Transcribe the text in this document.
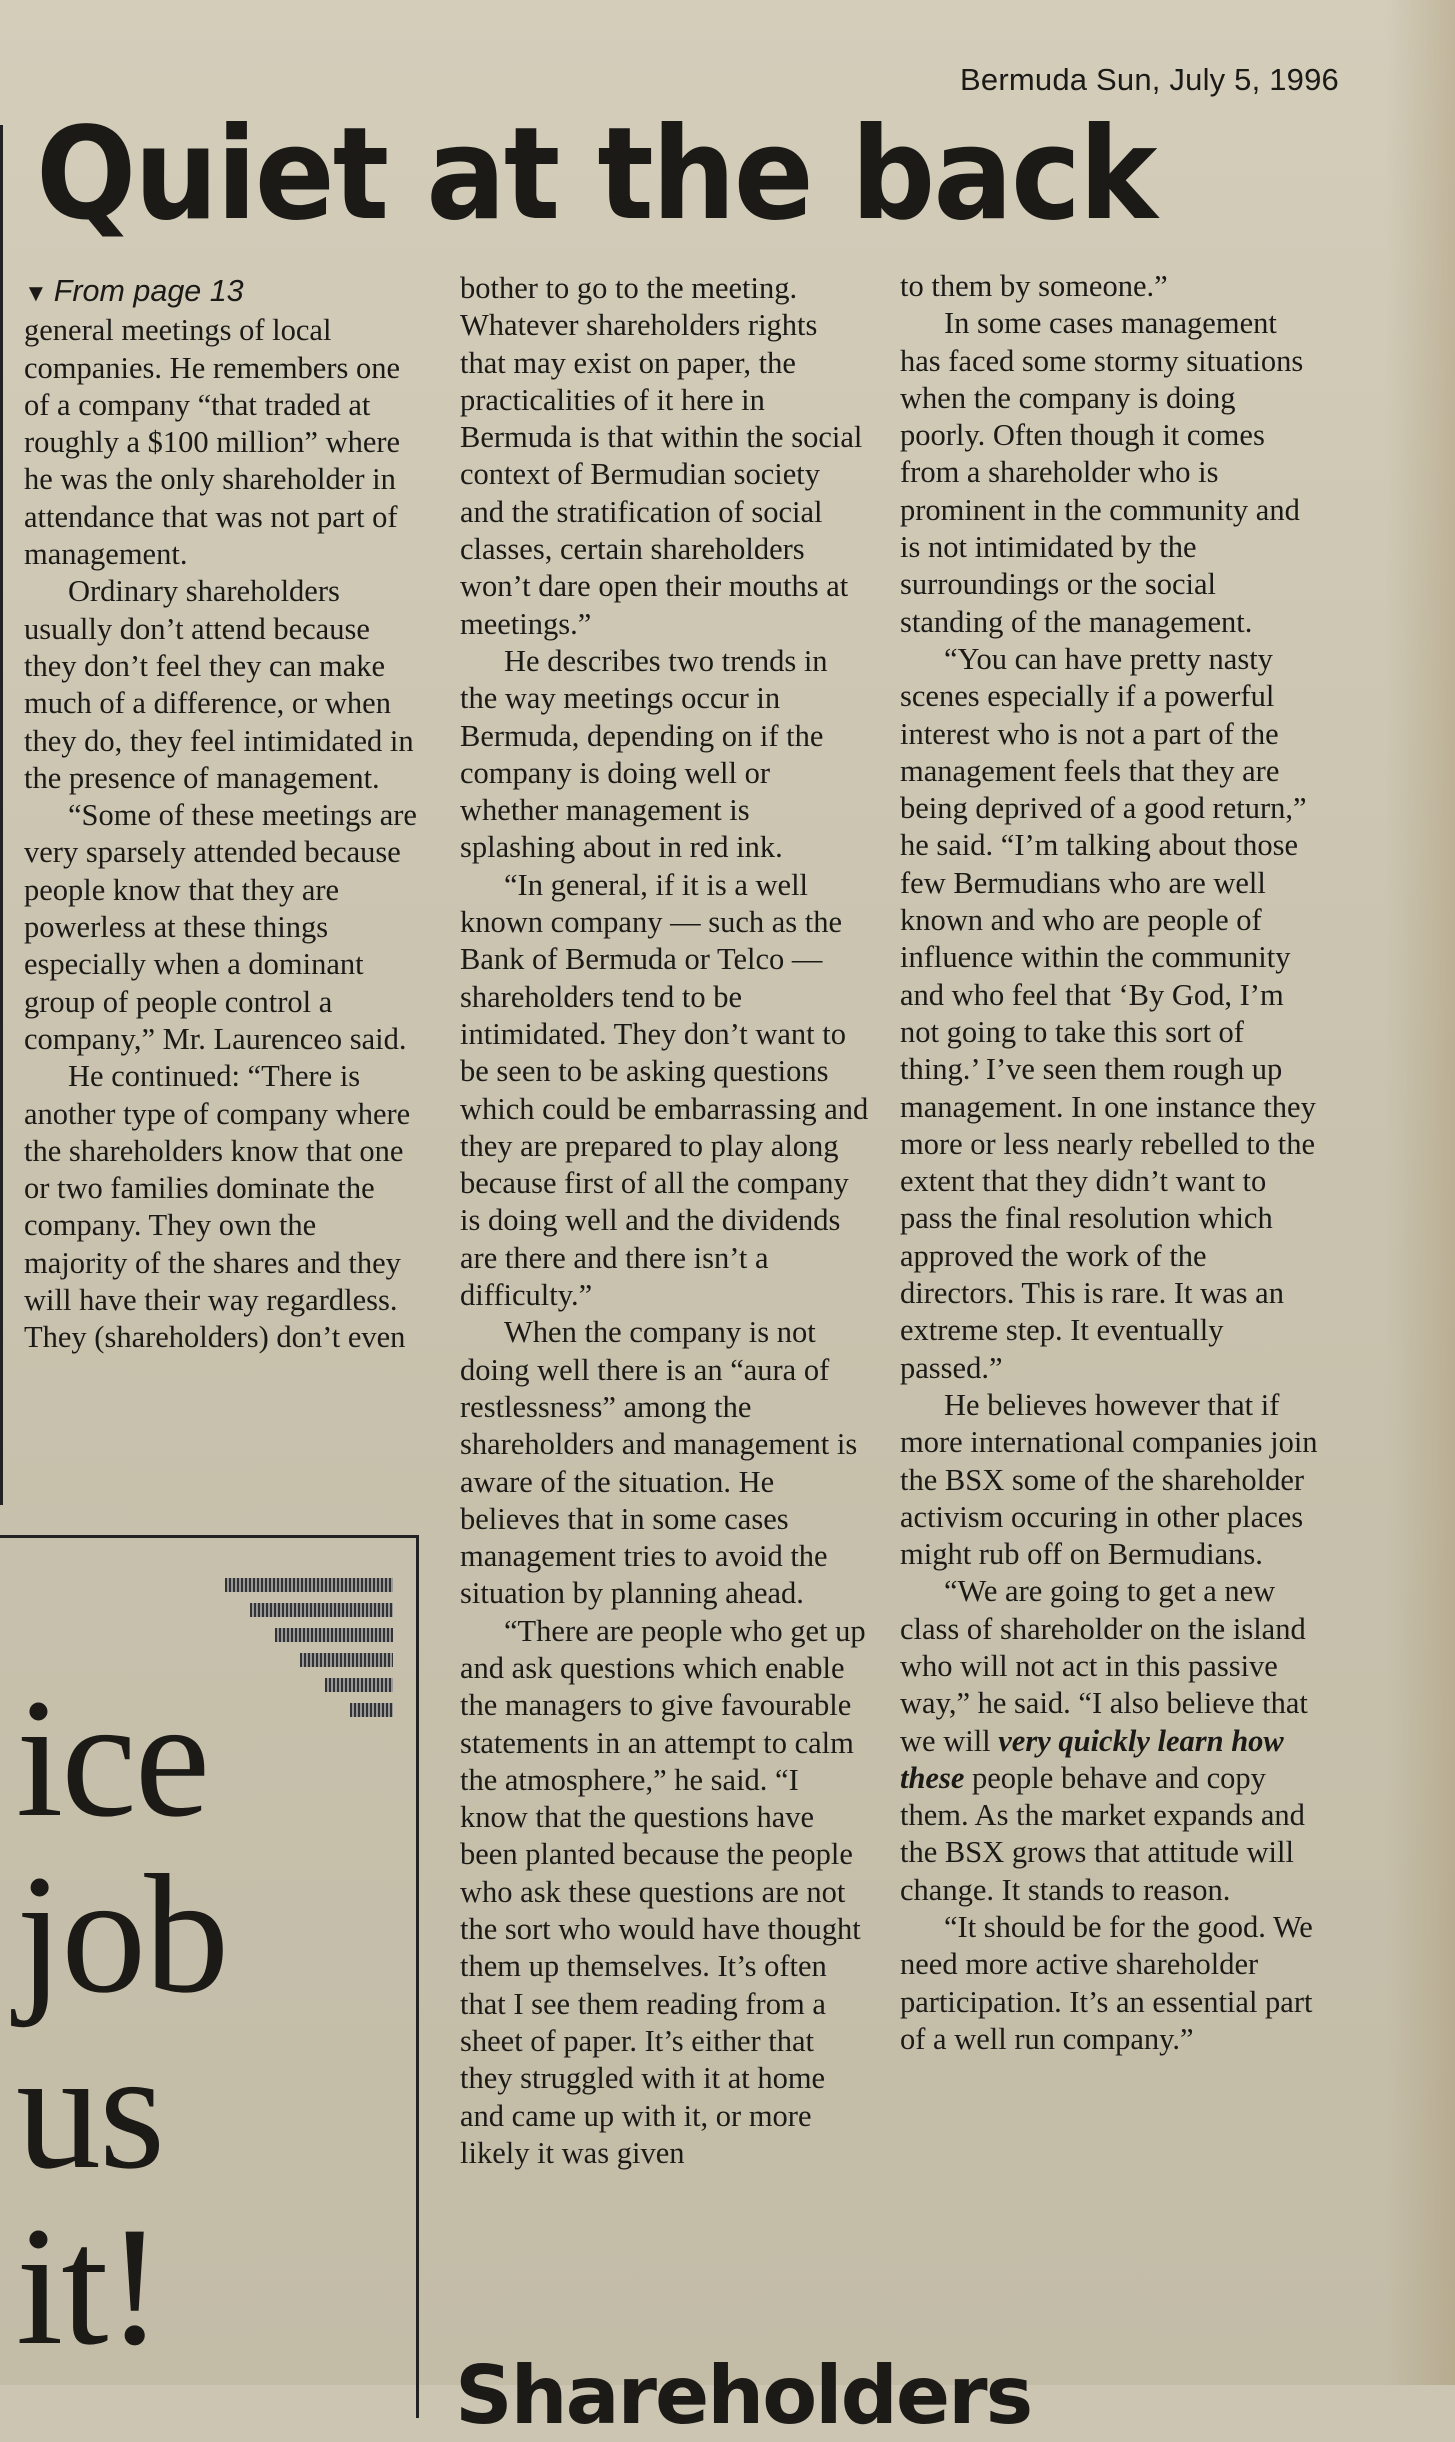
Bermuda Sun, July 5, 1996
Quiet at the back

▼ From page 13

general meetings of local companies. He remembers one of a company “that traded at roughly a $100 million” where he was the only shareholder in attendance that was not part of management.

Ordinary shareholders usually don’t attend because they don’t feel they can make much of a difference, or when they do, they feel intimidated in the presence of management.

“Some of these meetings are very sparsely attended because people know that they are powerless at these things especially when a dominant group of people control a company,” Mr. Laurenceo said.

He continued: “There is another type of company where the shareholders know that one or two families dominate the company. They own the majority of the shares and they will have their way regardless. They (shareholders) don’t even

bother to go to the meeting. Whatever shareholders rights that may exist on paper, the practicalities of it here in Bermuda is that within the social context of Bermudian society and the stratification of social classes, certain shareholders won’t dare open their mouths at meetings.”

He describes two trends in the way meetings occur in Bermuda, depending on if the company is doing well or whether management is splashing about in red ink.

“In general, if it is a well known company — such as the Bank of Bermuda or Telco — shareholders tend to be intimidated. They don’t want to be seen to be asking questions which could be embarrassing and they are prepared to play along because first of all the company is doing well and the dividends are there and there isn’t a difficulty.”

When the company is not doing well there is an “aura of restlessness” among the shareholders and management is aware of the situation. He believes that in some cases management tries to avoid the situation by planning ahead.

“There are people who get up and ask questions which enable the managers to give favourable statements in an attempt to calm the atmosphere,” he said. “I know that the questions have been planted because the people who ask these questions are not the sort who would have thought them up themselves. It’s often that I see them reading from a sheet of paper. It’s either that they struggled with it at home and came up with it, or more likely it was given

to them by someone.”

In some cases management has faced some stormy situations when the company is doing poorly. Often though it comes from a shareholder who is prominent in the community and is not intimidated by the surroundings or the social standing of the management.

“You can have pretty nasty scenes especially if a powerful interest who is not a part of the management feels that they are being deprived of a good return,” he said. “I’m talking about those few Bermudians who are well known and who are people of influence within the community and who feel that ‘By God, I’m not going to take this sort of thing.’ I’ve seen them rough up management. In one instance they more or less nearly rebelled to the extent that they didn’t want to pass the final resolution which approved the work of the directors. This is rare. It was an extreme step. It eventually passed.”

He believes however that if more international companies join the BSX some of the shareholder activism occuring in other places might rub off on Bermudians.

“We are going to get a new class of shareholder on the island who will not act in this passive way,” he said. “I also believe that we will very quickly learn how these people behave and copy them. As the market expands and the BSX grows that attitude will change. It stands to reason.

“It should be for the good. We need more active shareholder participation. It’s an essential part of a well run company.”

ice
job
us
it!
Shareholders
